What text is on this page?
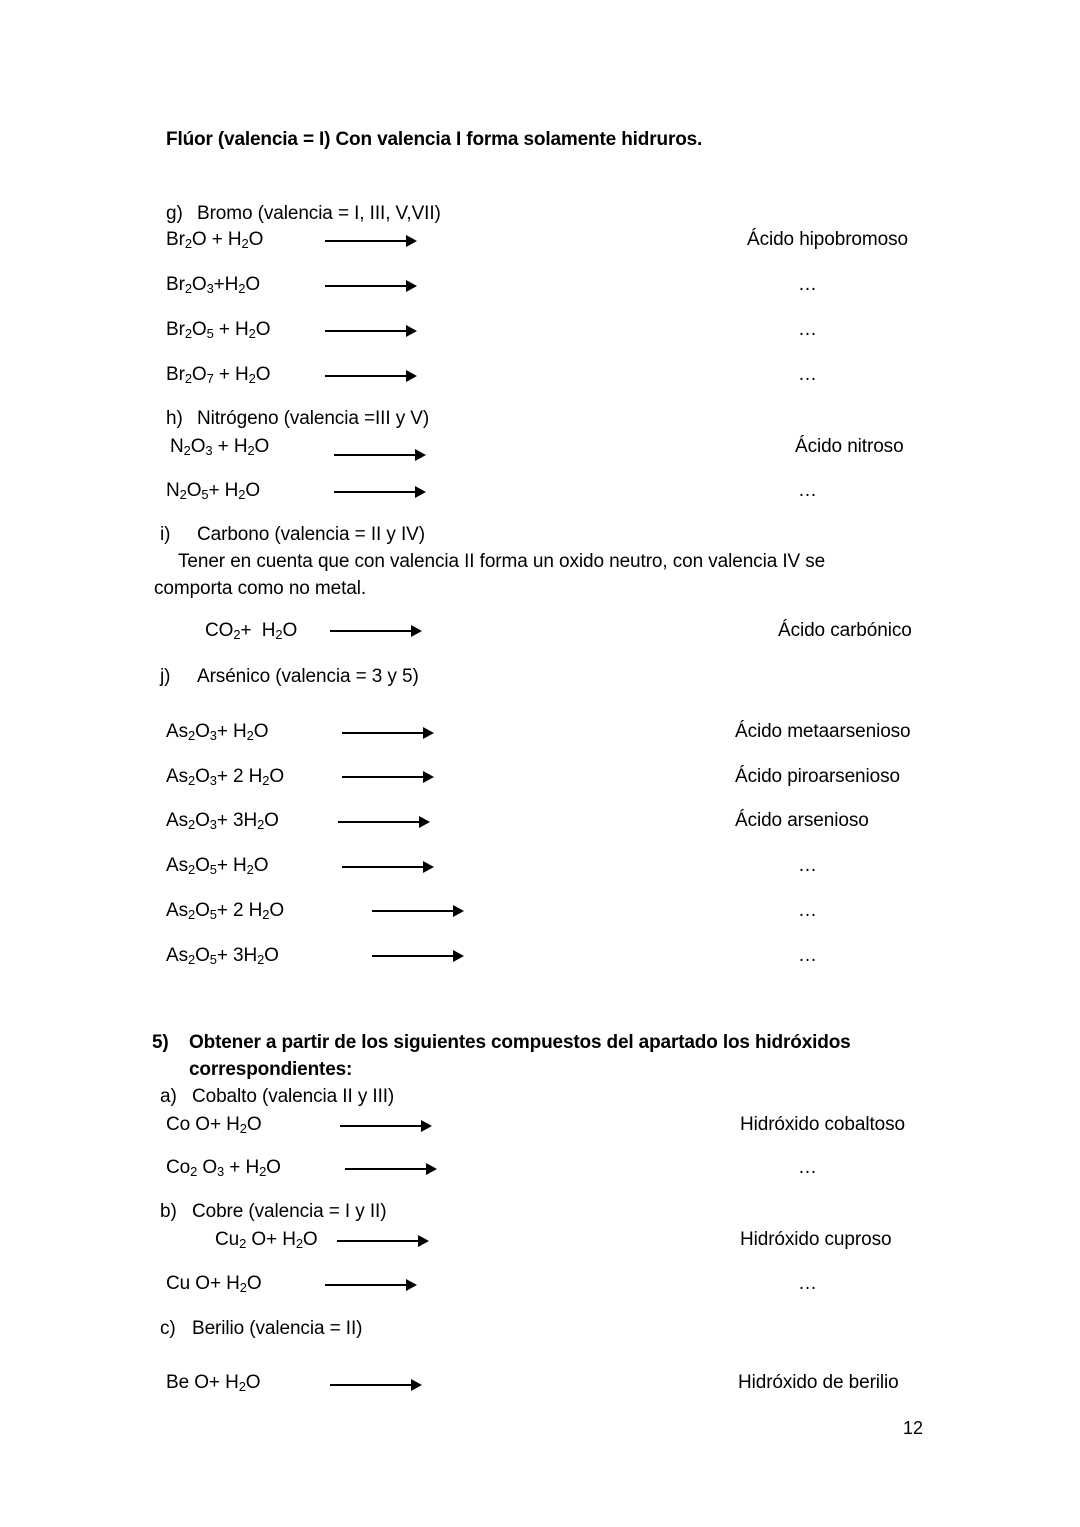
Flúor (valencia = I) Con valencia I forma solamente hidruros.
g) Bromo (valencia = I, III, V,VII)
$Br_2O + H_2O$	Ácido hipobromoso
$Br_2O_3+H_2O$	…
$Br_2O_5 + H_2O$	…
$Br_2O_7 + H_2O$	…
h) Nitrógeno (valencia =III y V)
$N_2O_3 + H_2O$	Ácido nitroso
$N_2O_5+ H_2O$	…
i) Carbono (valencia = II y IV)
Tener en cuenta que con valencia II forma un oxido neutro, con valencia IV se
comporta como no metal.
$CO_2+ H_2O$	Ácido carbónico
j) Arsénico (valencia = 3 y 5)
$As_2O_3+ H_2O$	Ácido metaarsenioso
$As_2O_3+ 2$ $H_2O$	Ácido piroarsenioso
$As_2O_3+ 3H_2O$	Ácido arsenioso
$As_2O_5+ H_2O$	…
$As_2O_5+ 2$ $H_2O$	…
$As_2O_5+ 3H_2O$	…
5) Obtener a partir de los siguientes compuestos del apartado los hidróxidos
correspondientes:
a) Cobalto (valencia II y III)
Co $O+ H_2O$	Hidróxido cobaltoso
$Co_2$ $O_3 + H_2O$	…
b) Cobre (valencia = I y II)
$Cu_2$ $O+ H_2O$	Hidróxido cuproso
Cu $O+ H_2O$	…
c) Berilio (valencia = II)
Be $O+ H_2O$	Hidróxido de berilio
12
